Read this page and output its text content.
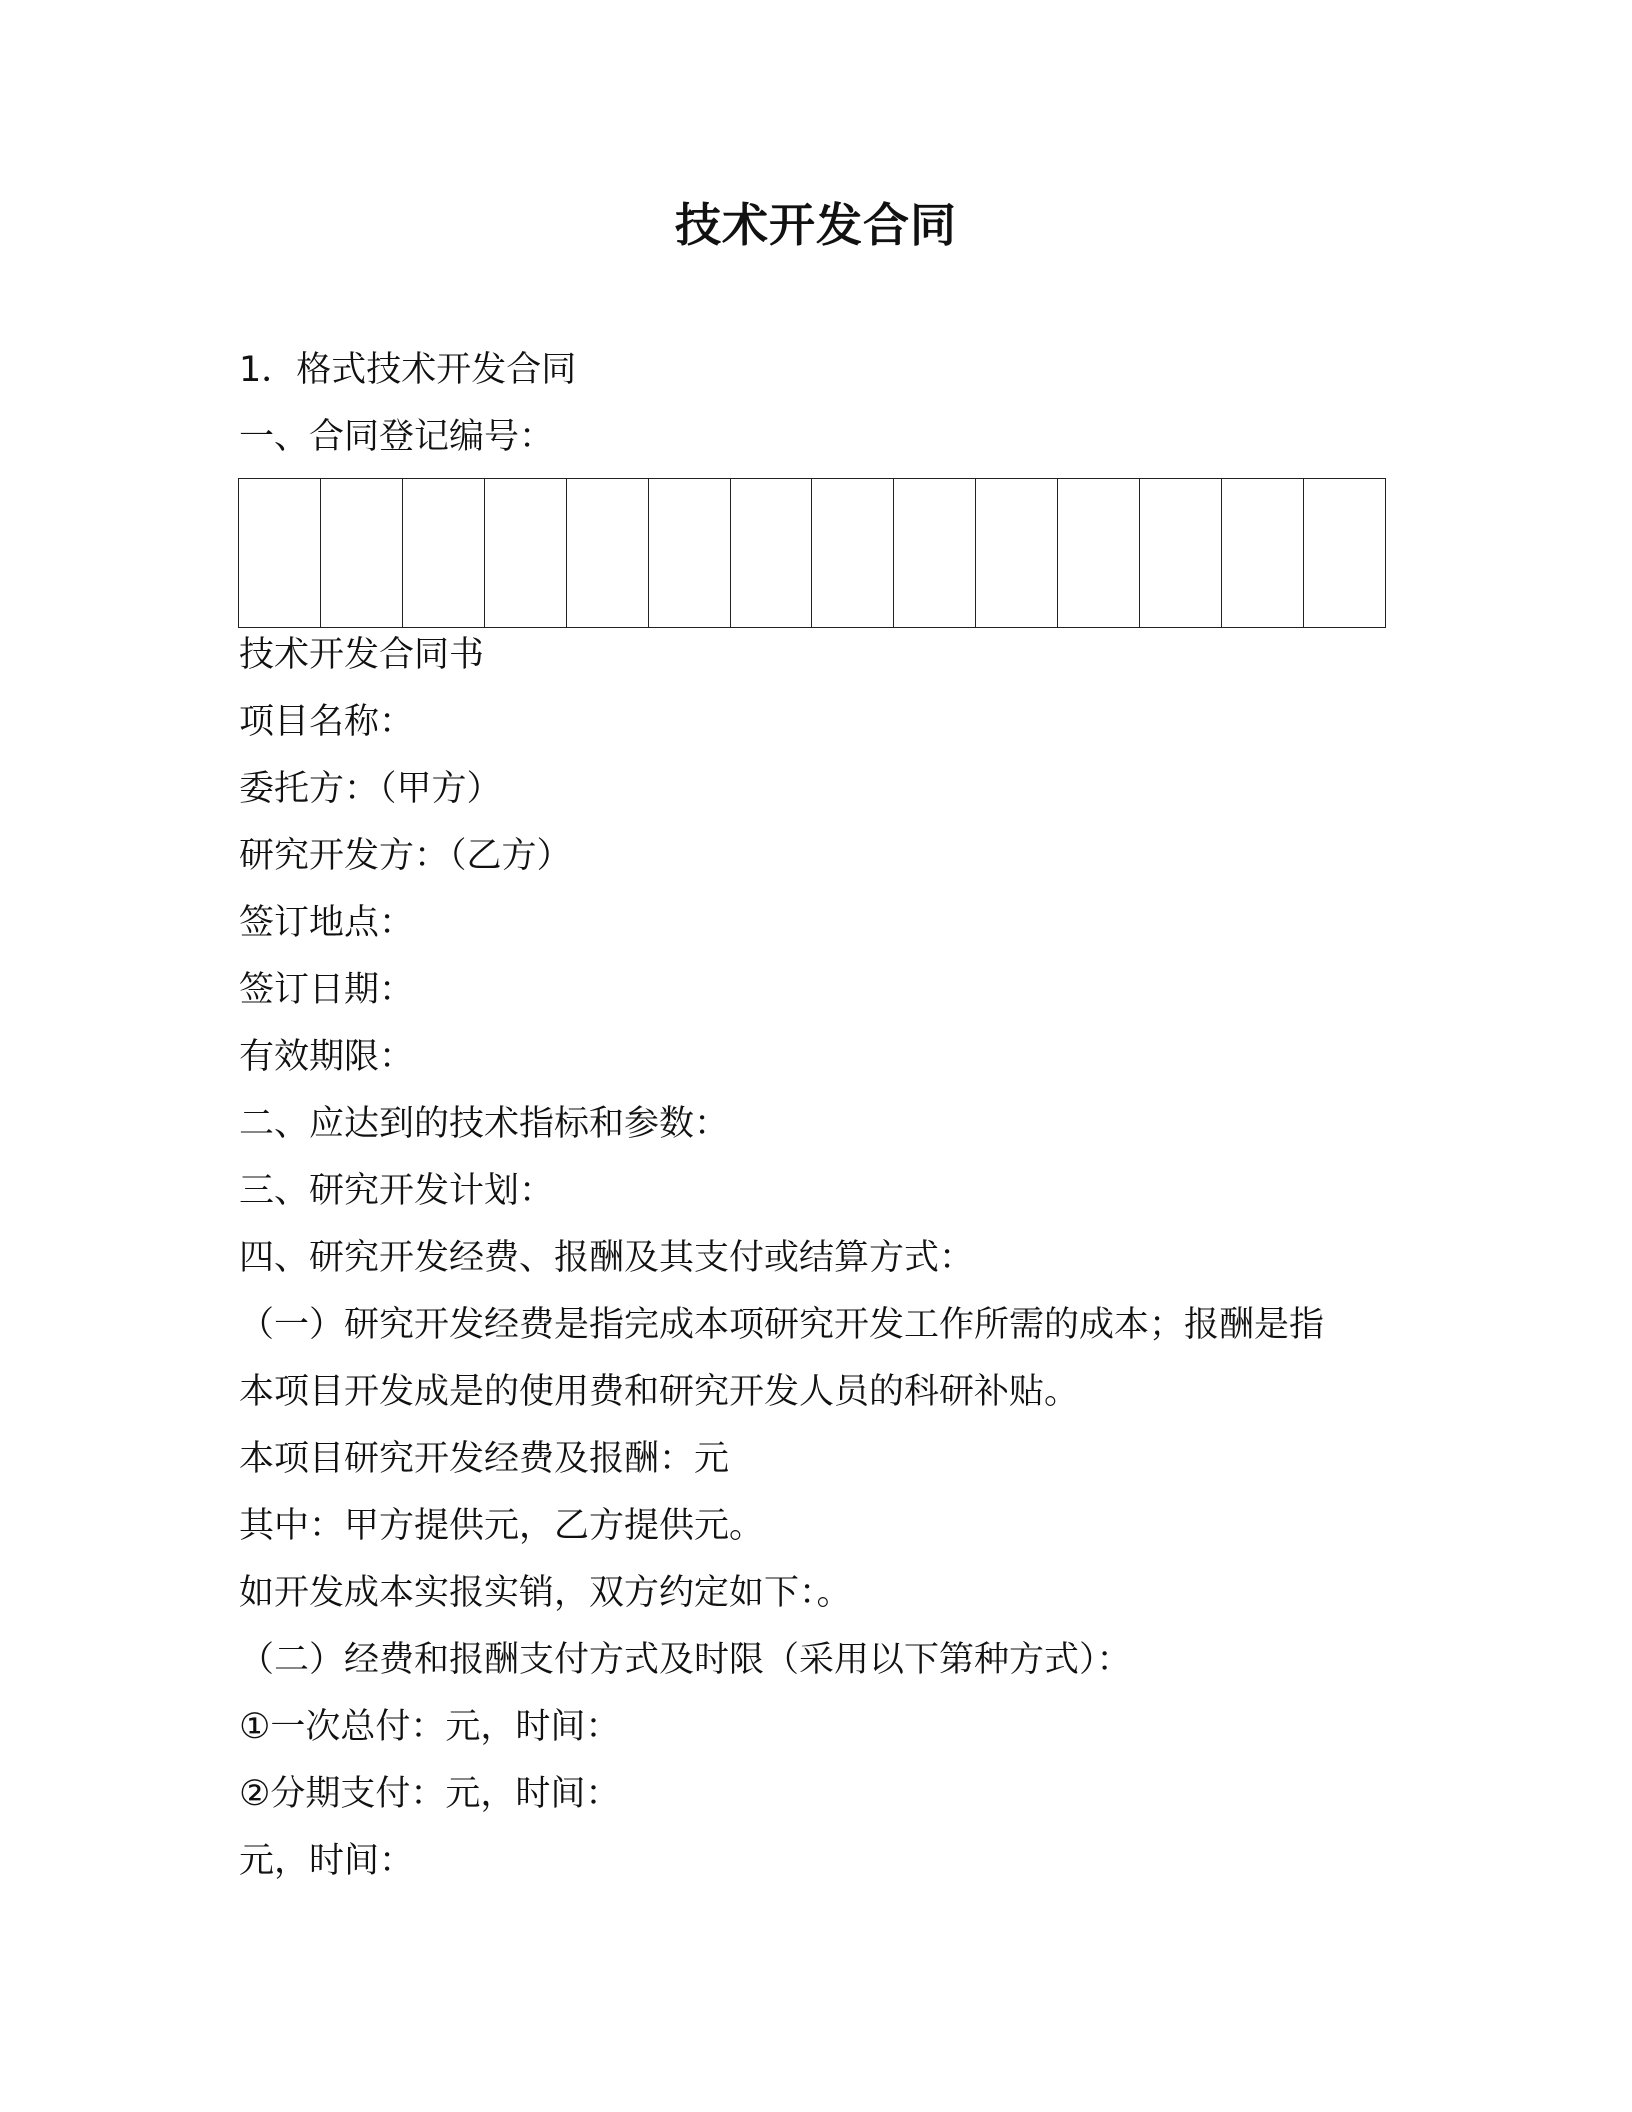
技术开发合同
1．格式技术开发合同
一、合同登记编号：
技术开发合同书
项目名称：
委托方：（甲方）
研究开发方：（乙方）
签订地点：
签订日期：
有效期限：
二、应达到的技术指标和参数：
三、研究开发计划：
四、研究开发经费、报酬及其支付或结算方式：
（一）研究开发经费是指完成本项研究开发工作所需的成本；报酬是指
本项目开发成是的使用费和研究开发人员的科研补贴。
本项目研究开发经费及报酬：元
其中：甲方提供元，乙方提供元。
如开发成本实报实销，双方约定如下：。
（二）经费和报酬支付方式及时限（采用以下第种方式）：
①一次总付：元，时间：
②分期支付：元，时间：
元，时间：
